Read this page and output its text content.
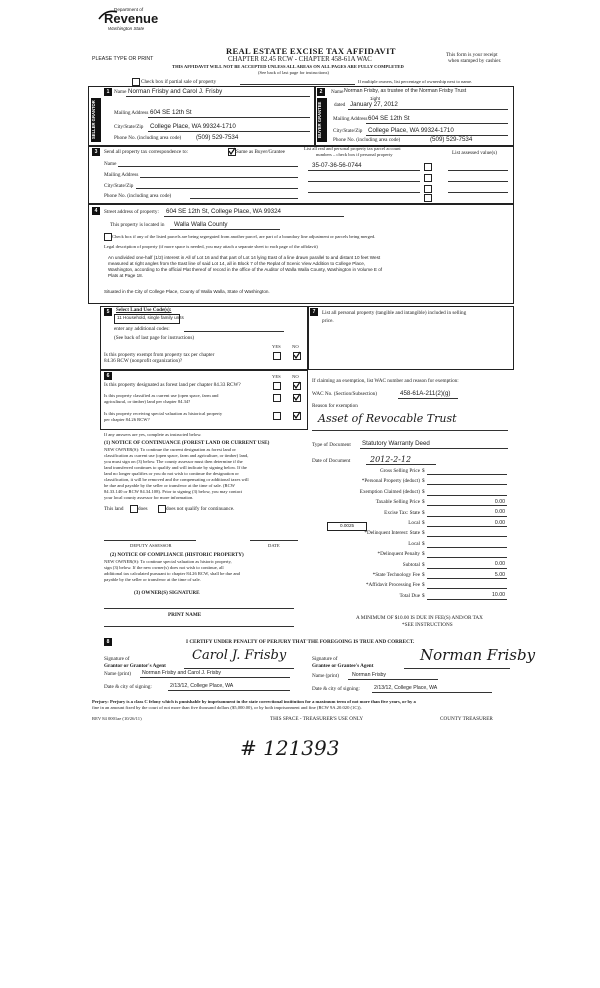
Department of
Revenue
Washington State
PLEASE TYPE OR PRINT
REAL ESTATE EXCISE TAX AFFIDAVIT
CHAPTER 82.45 RCW - CHAPTER 458-61A WAC
THIS AFFIDAVIT WILL NOT BE ACCEPTED UNLESS ALL AREAS ON ALL PAGES ARE FULLY COMPLETED
(See back of last page for instructions)
This form is your receipt
when stamped by cashier.
Check box if partial sale of property	If multiple owners, list percentage of ownership next to name.
1
SELLER GRANTOR
Name Norman Frisby and Carol J. Frisby
Mailing Address 604 SE 12th St
City/State/Zip College Place, WA 99324-1710
Phone No. (including area code) (509) 529-7534
2
BUYER GRANTEE
Name Norman Frisby, as trustee of the Norman Frisby Trust
1ight
dated January 27, 2012
Mailing Address 604 SE 12th St
City/State/Zip College Place, WA 99324-1710
Phone No. (including area code)	(509) 529-7534
3	Send all property tax correspondence to:	Same as Buyer/Grantee
Name
Mailing Address
City/State/Zip
Phone No. (including area code)
List all real and personal property tax parcel account
numbers – check box if personal property	List assessed value(s)
35-07-36-56-0744
4	Street address of property: 604 SE 12th St, College Place, WA 99324
This property is located in Walla Walla County
Check box if any of the listed parcels are being segregated from another parcel, are part of a boundary line adjustment or parcels being merged.
Legal description of property (if more space is needed, you may attach a separate sheet to each page of the affidavit)
An undivided one-half (1/2) interest in All of Lot 16 and that part of Lot 14 lying East of a line drawn parallel to and distant 10 feet West
measured at right angles from the East line of said Lot 14, all in Block 7 of the Replat of Scenic View Addition to College Place,
Washington, according to the official Plat thereof of record in the office of the Auditor of Walla Walla County, Washington in Volume E of
Plats at Page 18.
Situated in the City of College Place, County of Walla Walla, State of Washington.
5	Select Land Use Code(s):
11 Household, single family units
enter any additional codes:
(See back of last page for instructions)
YES NO
Is this property exempt from property tax per chapter
84.36 RCW (nonprofit organization)?
6	YES NO
Is this property designated as forest land per chapter 84.33 RCW?
Is this property classified as current use (open space, farm and
agricultural, or timber) land per chapter 84.34?
Is this property receiving special valuation as historical property
per chapter 84.26 RCW?
If any answers are yes, complete as instructed below.
(1) NOTICE OF CONTINUANCE (FOREST LAND OR CURRENT USE)
NEW OWNER(S): To continue the current designation as forest land or
classification as current use (open space, farm and agriculture, or timber) land,
you must sign on (3) below. The county assessor must then determine if the
land transferred continues to qualify and will indicate by signing below. If the
land no longer qualifies or you do not wish to continue the designation or
classification, it will be removed and the compensating or additional taxes will
be due and payable by the seller or transferor at the time of sale. (RCW
84.33.140 or RCW 84.34.108). Prior to signing (3) below, you may contact
your local county assessor for more information.
This land	does	does not qualify for continuance.
DEPUTY ASSESSOR	DATE
(2) NOTICE OF COMPLIANCE (HISTORIC PROPERTY)
NEW OWNER(S): To continue special valuation as historic property,
sign (3) below. If the new owner(s) does not wish to continue, all
additional tax calculated pursuant to chapter 84.26 RCW, shall be due and
payable by the seller or transferor at the time of sale.
(3) OWNER(S) SIGNATURE
PRINT NAME
7	List all personal property (tangible and intangible) included in selling
price.
If claiming an exemption, list WAC number and reason for exemption:
WAC No. (Section/Subsection)	458-61A-211(2)(g)
Reason for exemption
Asset of Revocable Trust
Type of Document Statutory Warranty Deed
Date of Document 2012-2-12
Gross Selling Price $
*Personal Property (deduct) $
Exemption Claimed (deduct) $
Taxable Selling Price $	0.00
Excise Tax: State $	0.00
Local $	0.00
*Delinquent Interest: State $
Local $
*Delinquent Penalty $
Subtotal $	0.00
*State Technology Fee $	5.00
*Affidavit Processing Fee $
Total Due $	10.00
0.0025
A MINIMUM OF $10.00 IS DUE IN FEE(S) AND/OR TAX
*SEE INSTRUCTIONS
8	I CERTIFY UNDER PENALTY OF PERJURY THAT THE FOREGOING IS TRUE AND CORRECT.
Signature of
Grantor or Grantor's Agent
Carol J. Frisby
Name (print) Norman Frisby and Carol J. Frisby
Date & city of signing:	2/13/12, College Place, WA
Signature of
Grantee or Grantee's Agent
Norman Frisby
Name (print)	Norman Frisby
Date & city of signing:	2/13/12, College Place, WA
Perjury: Perjury is a class C felony which is punishable by imprisonment in the state correctional institution for a maximum term of not more than five years, or by a
fine in an amount fixed by the court of not more than five thousand dollars ($5,000.00), or by both imprisonment and fine (RCW 9A.20.020 (1C)).
REV 84 0001ae (10/26/11)	THIS SPACE - TREASURER'S USE ONLY	COUNTY TREASURER
# 121393
